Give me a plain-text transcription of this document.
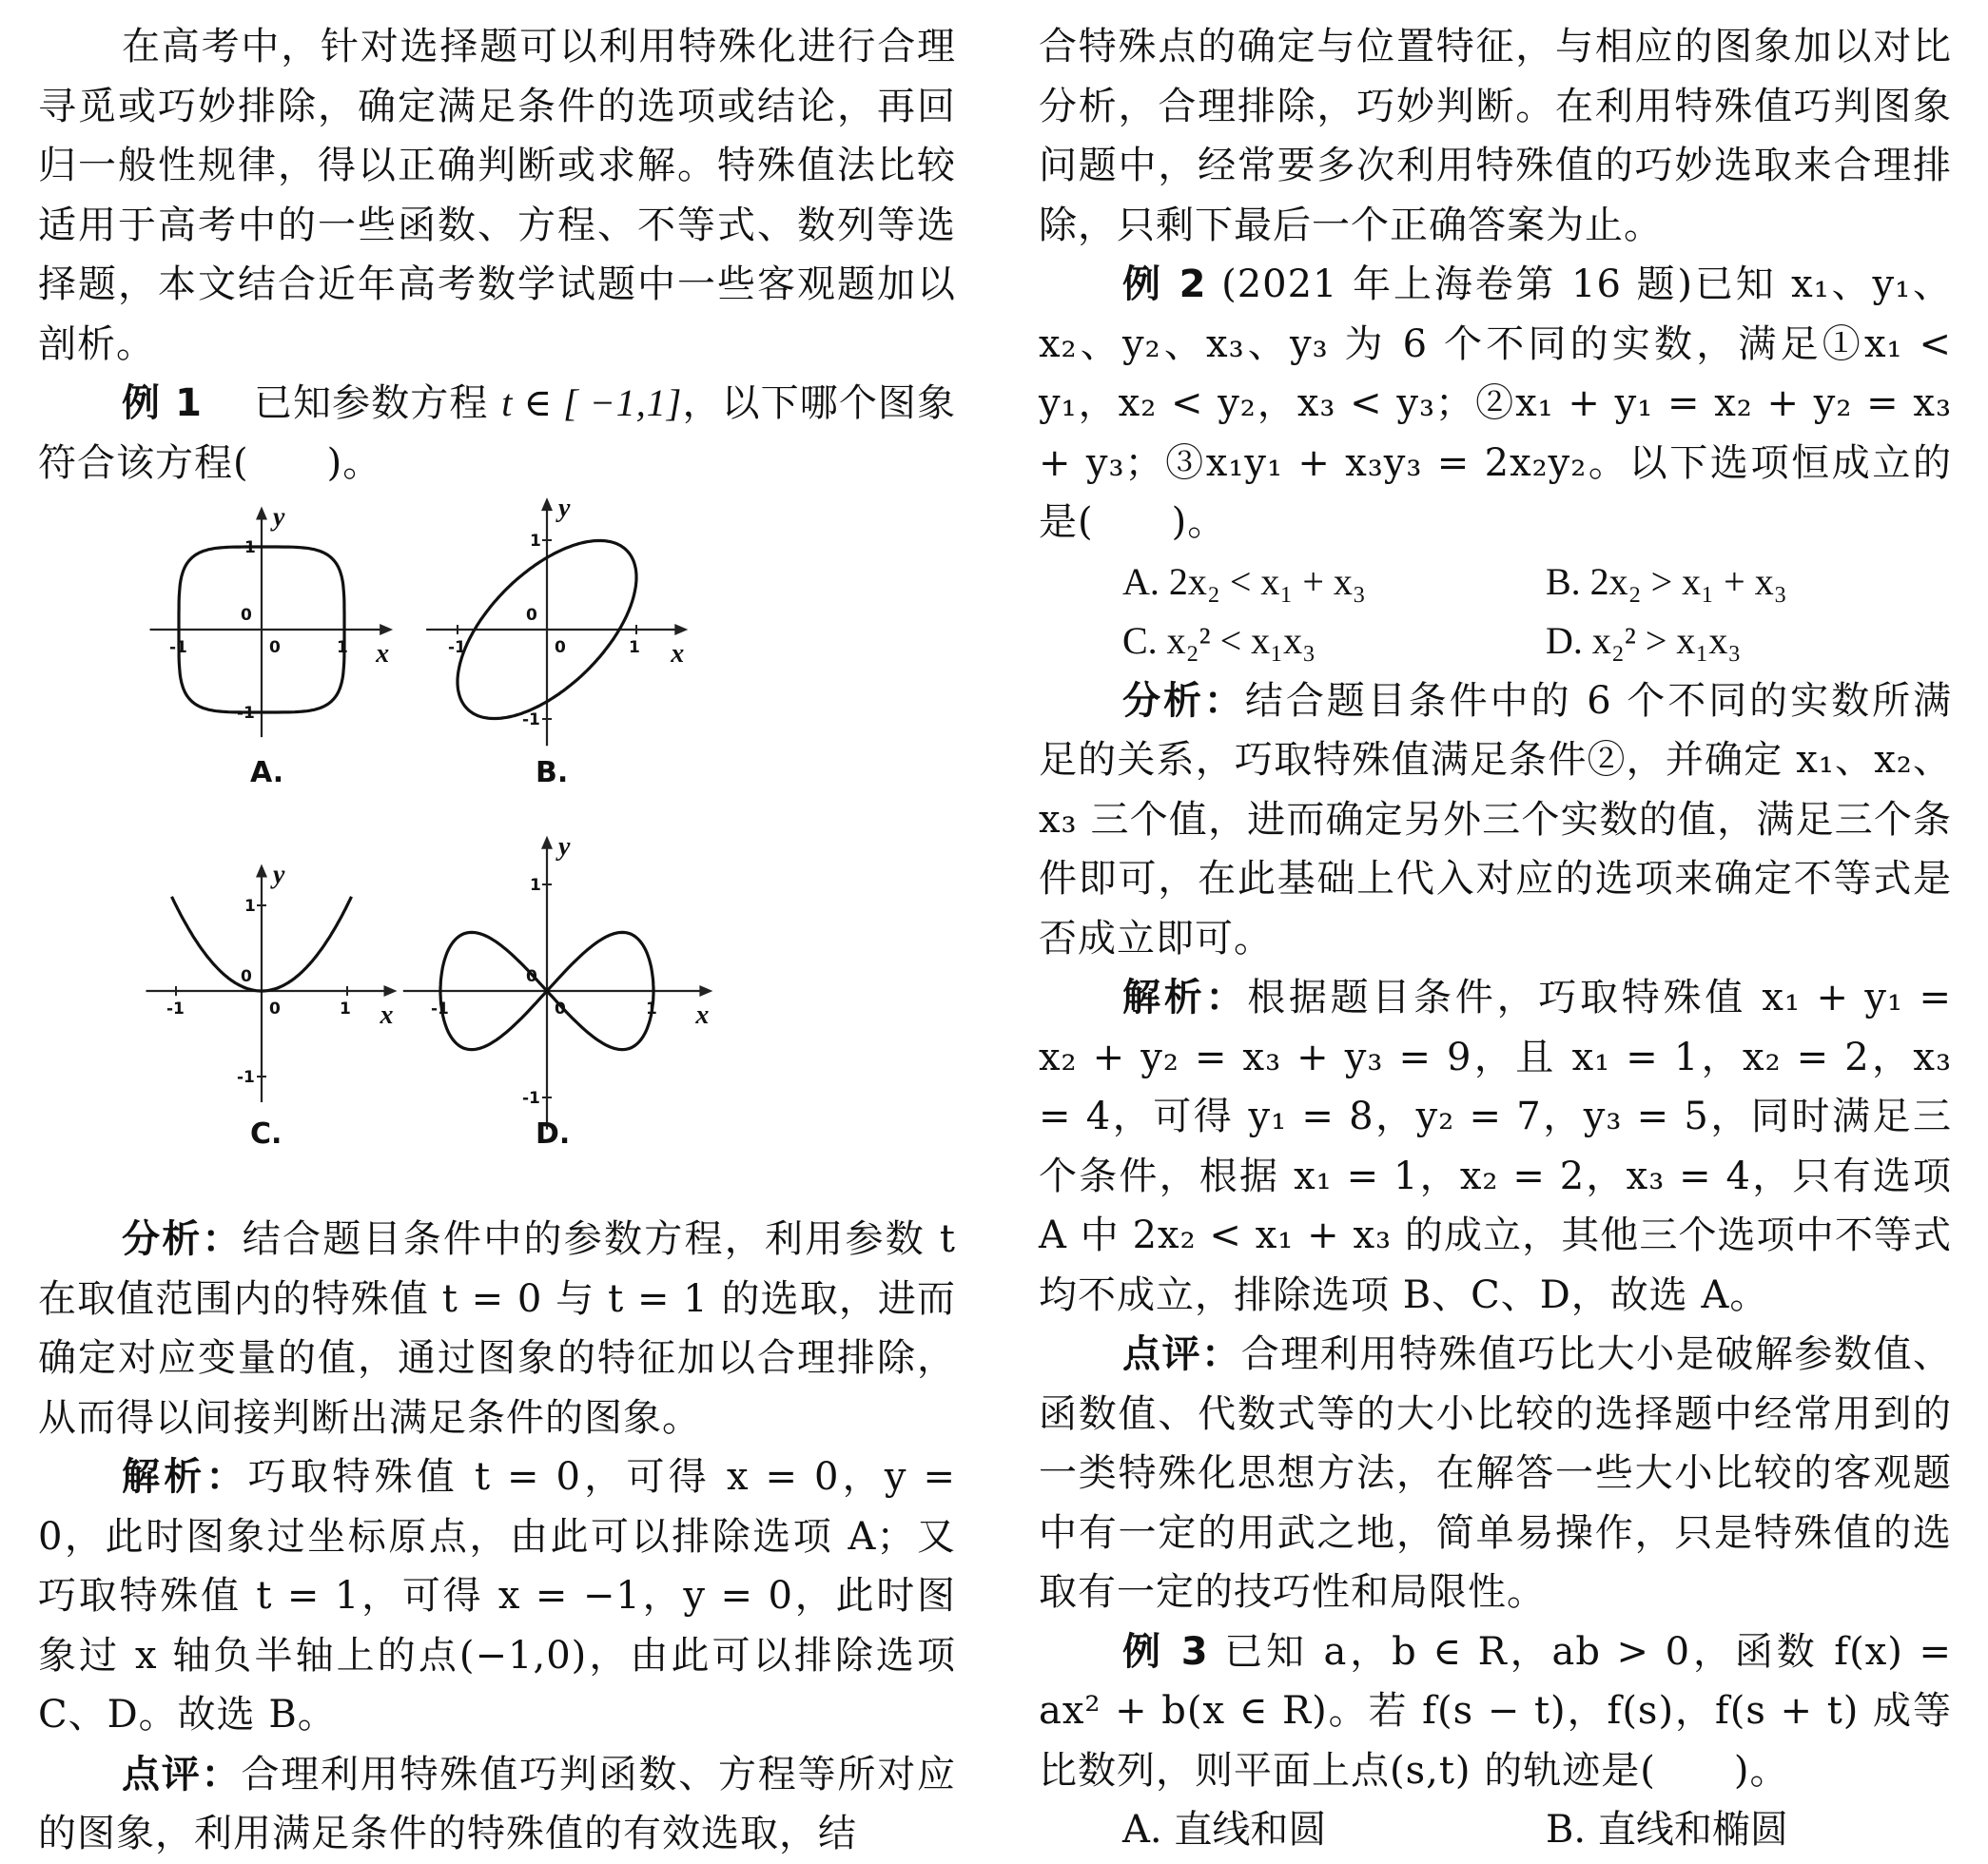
在高考中，针对选择题可以利用特殊化进行合理寻觅或巧妙排除，确定满足条件的选项或结论，再回归一般性规律，得以正确判断或求解。特殊值法比较适用于高考中的一些函数、方程、不等式、数列等选择题，本文结合近年高考数学试题中一些客观题加以剖析。

例 1 已知参数方程 t ∈ [ −1,1]，以下哪个图象符合该方程(　　)。

x
y
1
-1
1
-1
0
0
A.
x
y
1
-1
1
-1
0
0
B.
x
y
1
-1
1
-1
0
0
C.
x
y
1
-1
1
-1
0
0
D.

分析：结合题目条件中的参数方程，利用参数 t 在取值范围内的特殊值 t = 0 与 t = 1 的选取，进而确定对应变量的值，通过图象的特征加以合理排除，从而得以间接判断出满足条件的图象。

解析：巧取特殊值 t = 0，可得 x = 0，y = 0，此时图象过坐标原点，由此可以排除选项 A；又巧取特殊值 t = 1，可得 x = −1，y = 0，此时图象过 x 轴负半轴上的点(−1,0)，由此可以排除选项 C、D。故选 B。

点评：合理利用特殊值巧判函数、方程等所对应的图象，利用满足条件的特殊值的有效选取，结

合特殊点的确定与位置特征，与相应的图象加以对比分析，合理排除，巧妙判断。在利用特殊值巧判图象问题中，经常要多次利用特殊值的巧妙选取来合理排除，只剩下最后一个正确答案为止。

例 2 (2021 年上海卷第 16 题)已知 x₁、y₁、x₂、y₂、x₃、y₃ 为 6 个不同的实数，满足①x₁ < y₁，x₂ < y₂，x₃ < y₃；②x₁ + y₁ = x₂ + y₂ = x₃ + y₃；③x₁y₁ + x₃y₃ = 2x₂y₂。以下选项恒成立的是(　　)。

A. 2x₂ < x₁ + x₃	B. 2x₂ > x₁ + x₃
C. x₂² < x₁x₃	D. x₂² > x₁x₃

分析：结合题目条件中的 6 个不同的实数所满足的关系，巧取特殊值满足条件②，并确定 x₁、x₂、x₃ 三个值，进而确定另外三个实数的值，满足三个条件即可，在此基础上代入对应的选项来确定不等式是否成立即可。

解析：根据题目条件，巧取特殊值 x₁ + y₁ = x₂ + y₂ = x₃ + y₃ = 9，且 x₁ = 1，x₂ = 2，x₃ = 4，可得 y₁ = 8，y₂ = 7，y₃ = 5，同时满足三个条件，根据 x₁ = 1，x₂ = 2，x₃ = 4，只有选项 A 中 2x₂ < x₁ + x₃ 的成立，其他三个选项中不等式均不成立，排除选项 B、C、D，故选 A。

点评：合理利用特殊值巧比大小是破解参数值、函数值、代数式等的大小比较的选择题中经常用到的一类特殊化思想方法，在解答一些大小比较的客观题中有一定的用武之地，简单易操作，只是特殊值的选取有一定的技巧性和局限性。

例 3 已知 a，b ∈ R，ab > 0，函数 f(x) = ax² + b(x ∈ R)。若 f(s − t)，f(s)，f(s + t) 成等比数列，则平面上点(s,t) 的轨迹是(　　)。

A. 直线和圆	B. 直线和椭圆
